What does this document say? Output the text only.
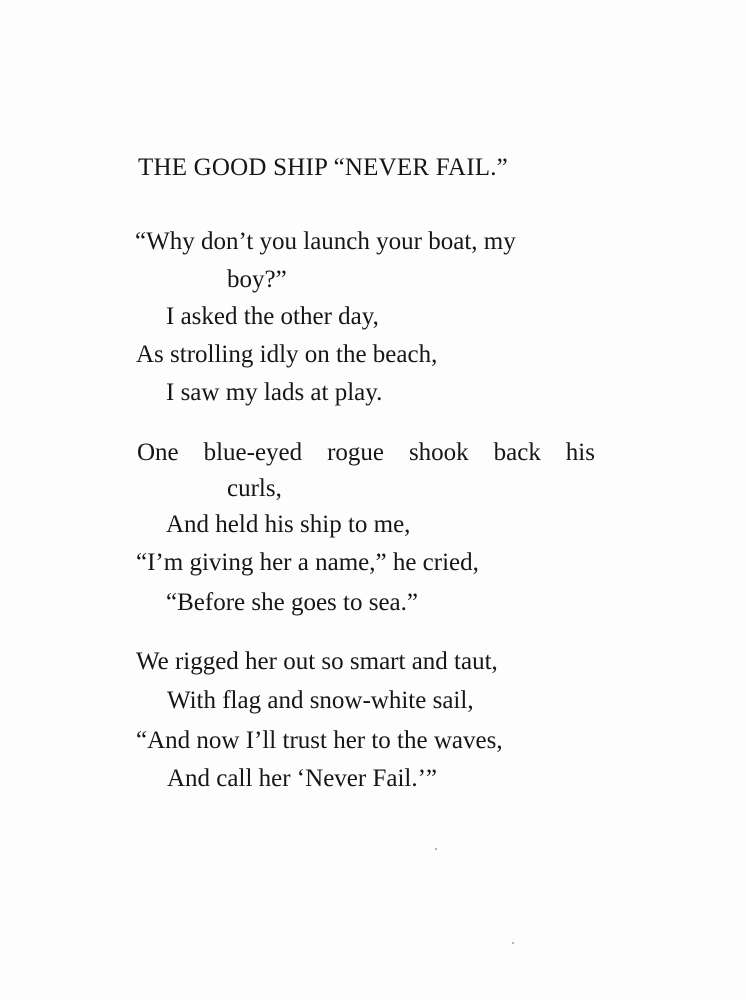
THE GOOD SHIP “NEVER FAIL.”
“Why don’t you launch your boat, my
boy?”
I asked the other day,
As strolling idly on the beach,
I saw my lads at play.
One blue-eyed rogue shook back his
curls,
And held his ship to me,
“I’m giving her a name,” he cried,
“Before she goes to sea.”
We rigged her out so smart and taut,
With flag and snow-white sail,
“And now I’ll trust her to the waves,
And call her ‘Never Fail.’”
